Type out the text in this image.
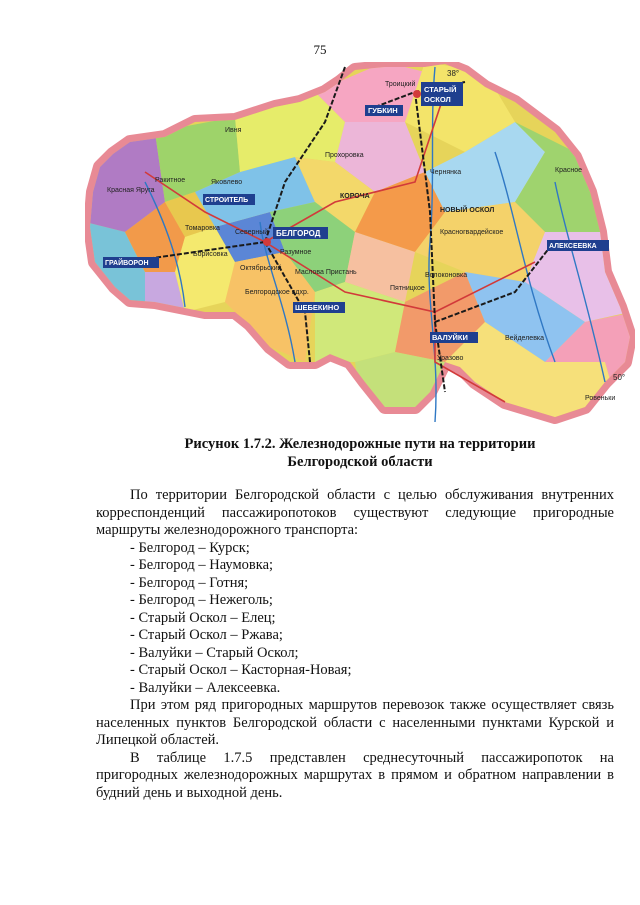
75
38°
50°
БЕЛГОРОД
СТАРЫЙ
ОСКОЛ
ГУБКИН
АЛЕКСЕЕВКА
ВАЛУЙКИ
ШЕБЕКИНО
ГРАЙВОРОН
СТРОИТЕЛЬ
КОРОЧА
НОВЫЙ ОСКОЛ
Красное
Красная Яруга
Ракитное
Борисовка
Томаровка
Яковлево
Ивня
Прохоровка
Северный
Октябрьский
Разумное
Маслова Пристань
Белгородское вдхр.
Чернянка
Красногвардейское
Волоконовка
Пятницкое
Уразово
Вейделевка
Ровеньки
Троицкий
Рисунок 1.7.2. Железнодорожные пути на территории
Белгородской области

По территории Белгородской области с целью обслуживания внутренних корреспонденций пассажиропотоков существуют следующие пригородные маршруты железнодорожного транспорта:

- Белгород – Курск;
- Белгород – Наумовка;
- Белгород – Готня;
- Белгород – Нежеголь;
- Старый Оскол – Елец;
- Старый Оскол – Ржава;
- Валуйки – Старый Оскол;
- Старый Оскол – Касторная-Новая;
- Валуйки – Алексеевка.

При этом ряд пригородных маршрутов перевозок также осуществляет связь населенных пунктов Белгородской области с населенными пунктами Курской и Липецкой областей.

В таблице 1.7.5 представлен среднесуточный пассажиропоток на пригородных железнодорожных маршрутах в прямом и обратном направлении в будний день и выходной день.
